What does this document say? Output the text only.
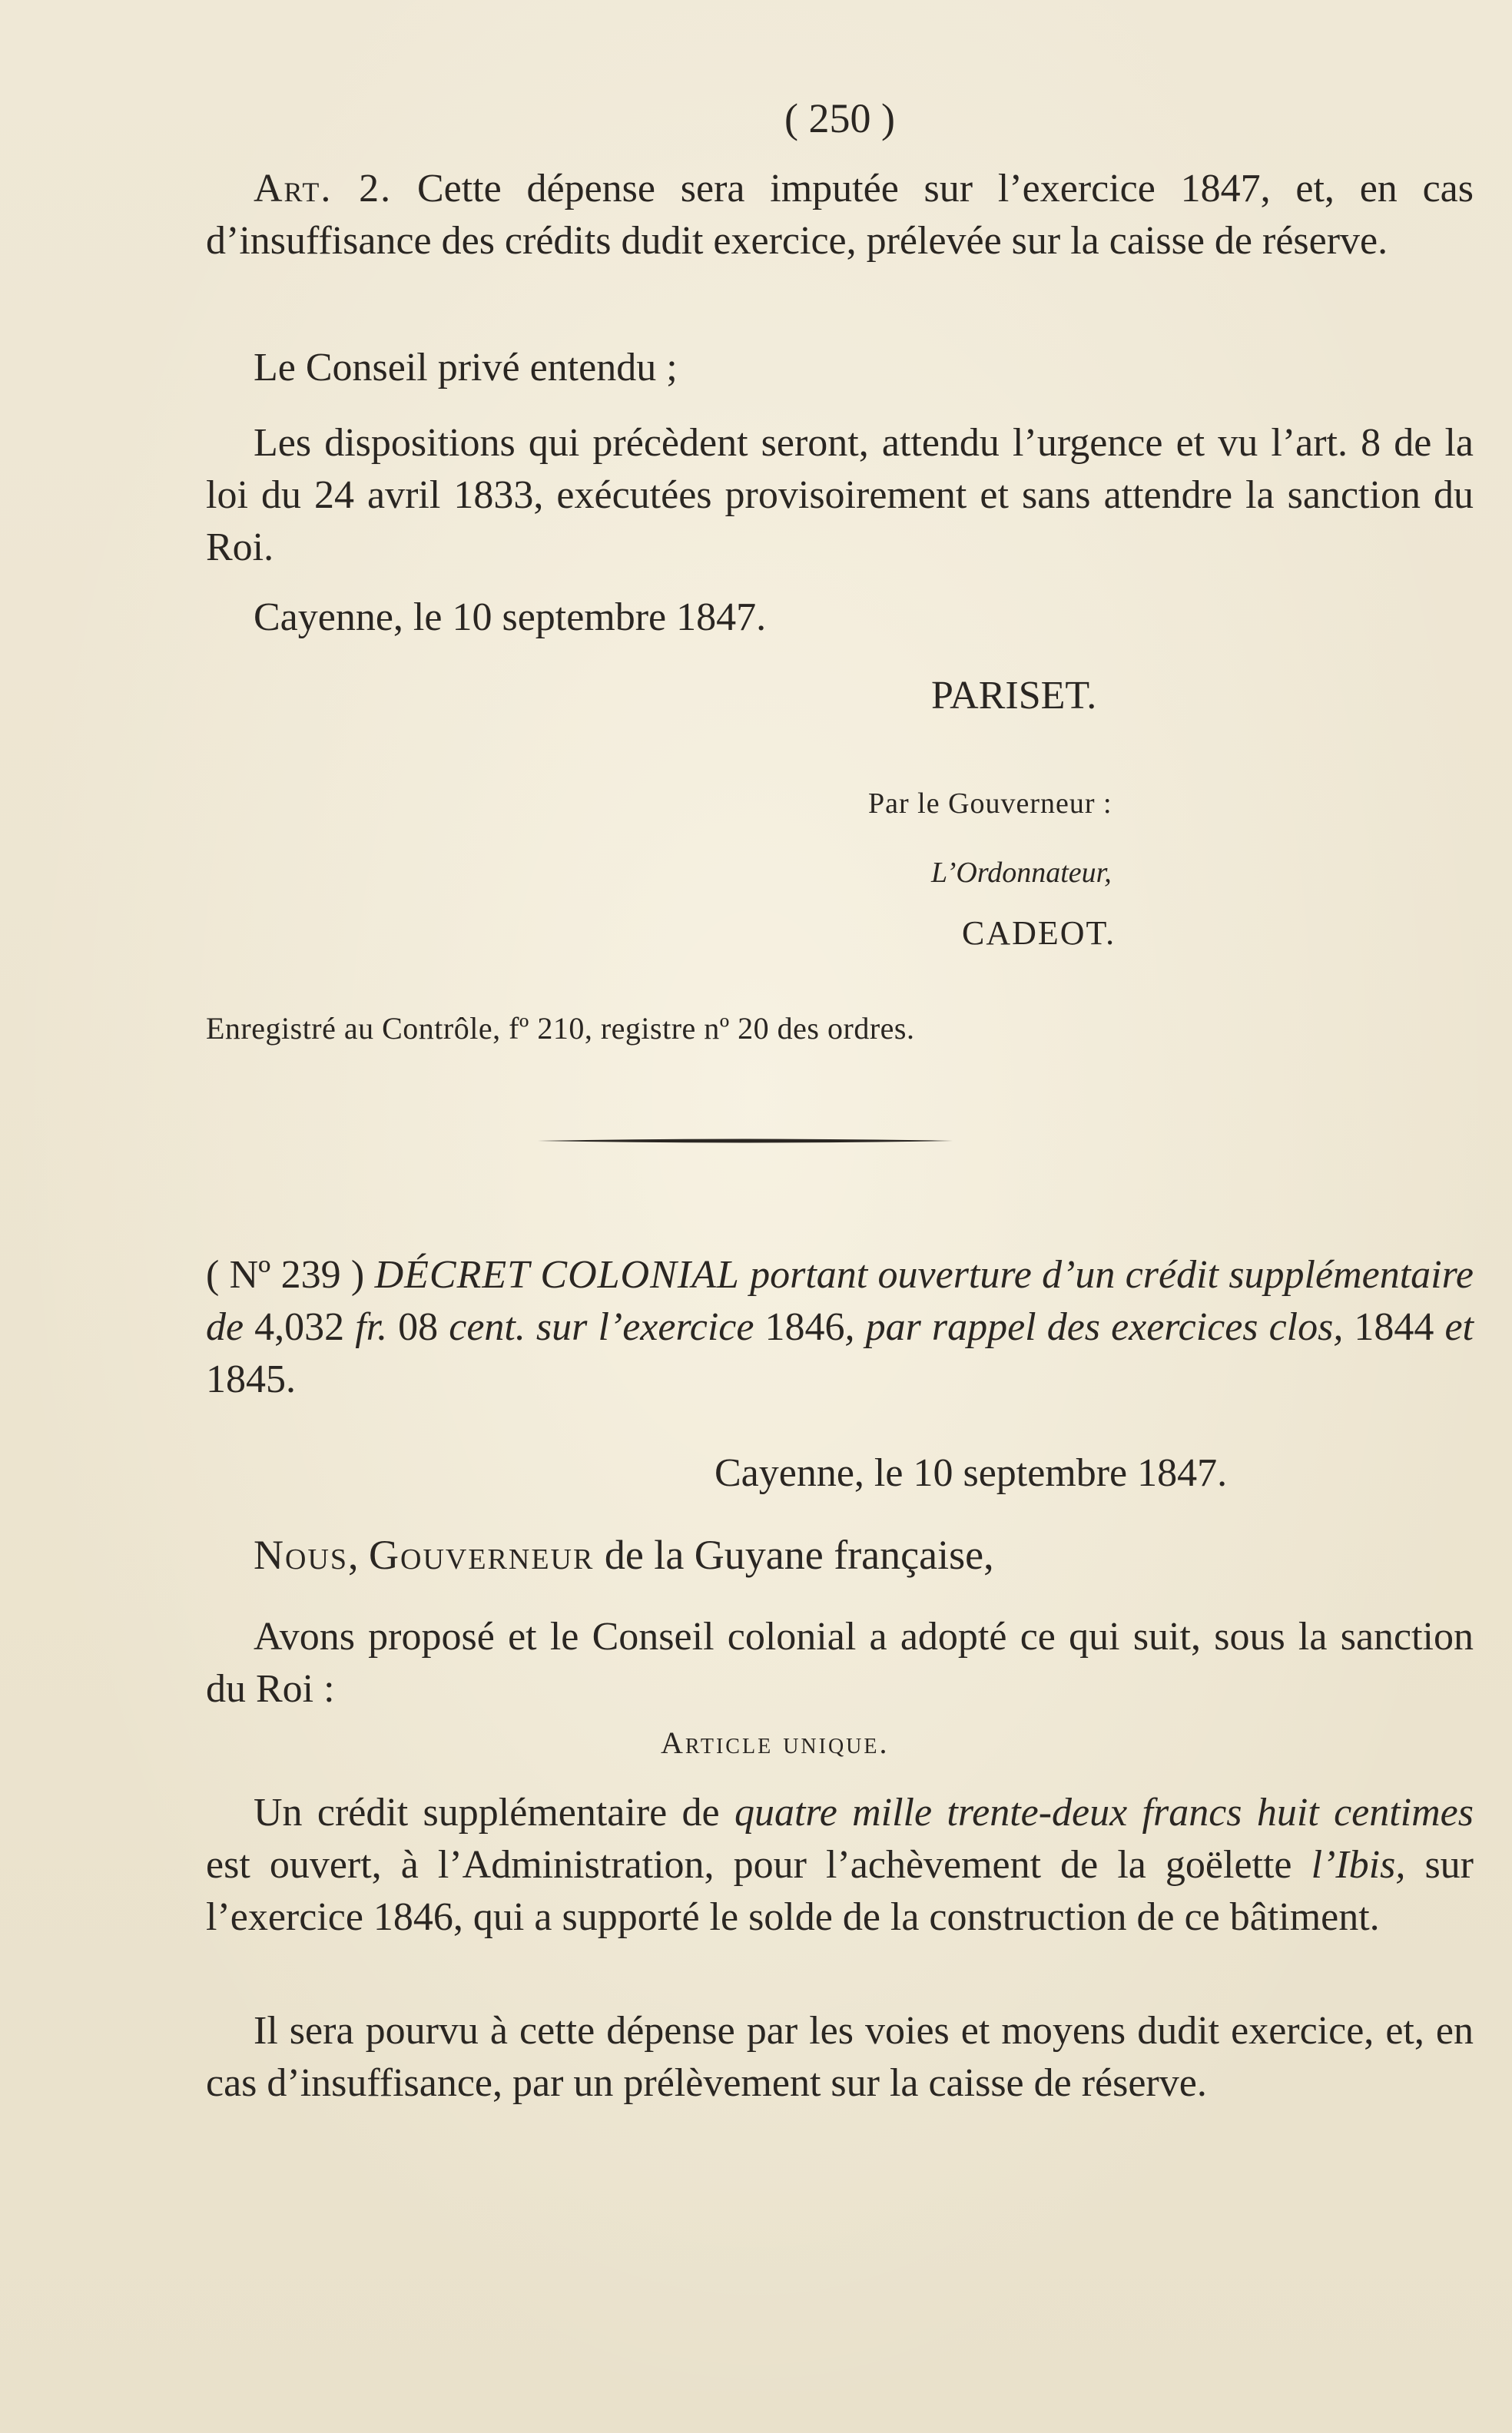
( 250 )

Art. 2. Cette dépense sera imputée sur l’exercice 1847, et, en cas d’insuffisance des crédits dudit exercice, prélevée sur la caisse de réserve.

Le Conseil privé entendu ;

Les dispositions qui précèdent seront, attendu l’urgence et vu l’art. 8 de la loi du 24 avril 1833, exécutées provisoirement et sans attendre la sanction du Roi.

Cayenne, le 10 septembre 1847.

PARISET.

Par le Gouverneur :

L’Ordonnateur,

CADEOT.

Enregistré au Contrôle, fº 210, registre nº 20 des ordres.

( Nº 239 ) DÉCRET COLONIAL portant ouverture d’un crédit supplémentaire de 4,032 fr. 08 cent. sur l’exercice 1846, par rappel des exercices clos, 1844 et 1845.

Cayenne, le 10 septembre 1847.

Nous, Gouverneur de la Guyane française,

Avons proposé et le Conseil colonial a adopté ce qui suit, sous la sanction du Roi :

Article unique.

Un crédit supplémentaire de quatre mille trente-deux francs huit centimes est ouvert, à l’Administration, pour l’achèvement de la goëlette l’Ibis, sur l’exercice 1846, qui a supporté le solde de la construction de ce bâtiment.

Il sera pourvu à cette dépense par les voies et moyens dudit exercice, et, en cas d’insuffisance, par un prélèvement sur la caisse de réserve.
